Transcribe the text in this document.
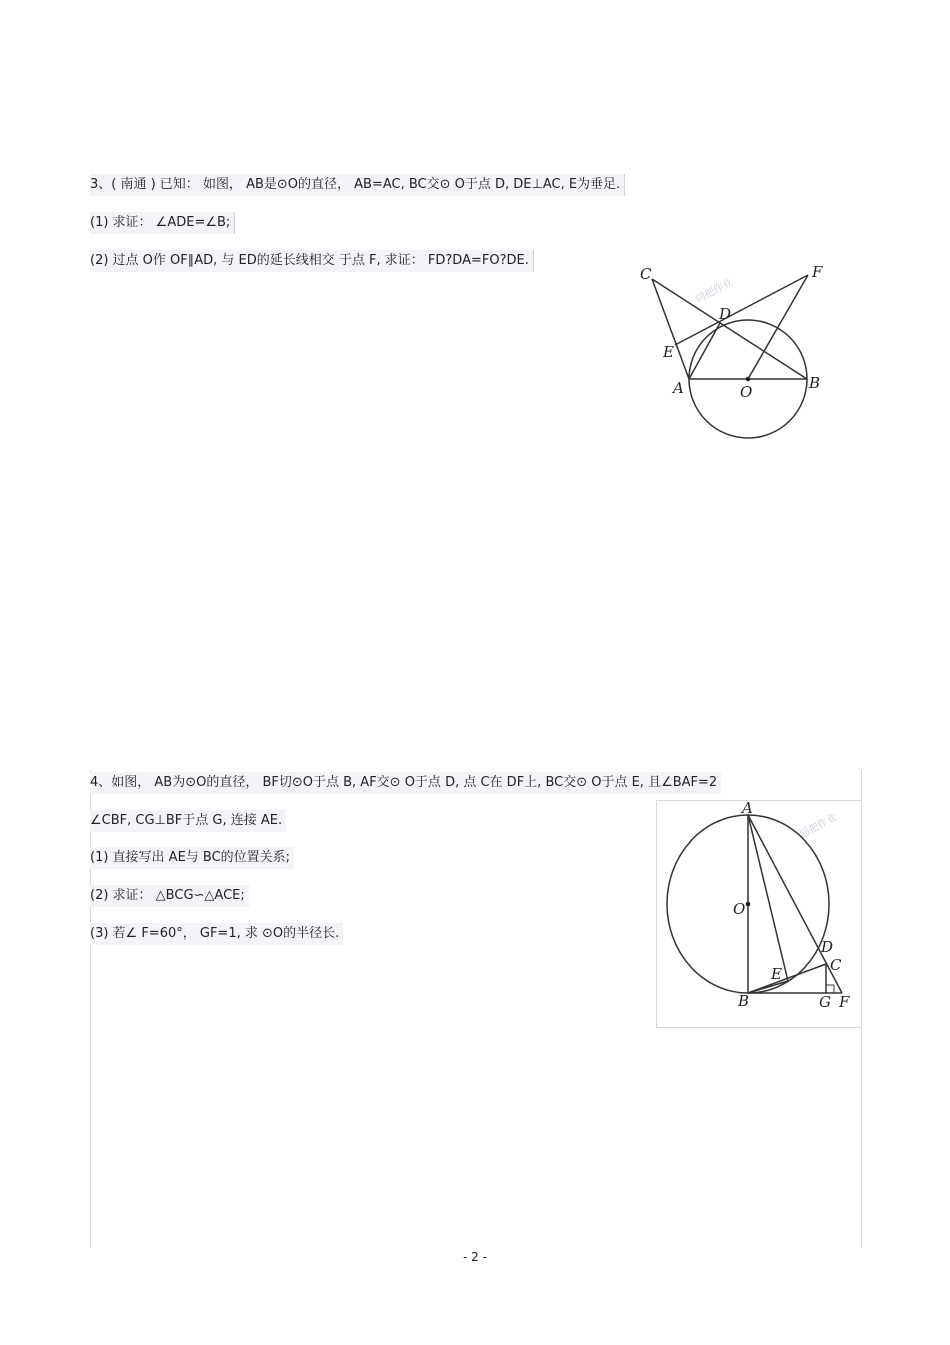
3、( 南通 ) 已知： 如图， AB是⊙O的直径， AB=AC, BC交⊙ O于点 D, DE⊥AC, E为垂足.
(1) 求证： ∠ADE=∠B;
(2) 过点 O作 OF∥AD, 与 ED的延长线相交 于点 F, 求证： FD?DA=FO?DE.
C	F
D
E
A	O	B
同把作业
4、如图， AB为⊙O的直径， BF切⊙O于点 B, AF交⊙ O于点 D, 点 C在 DF上, BC交⊙ O于点 E, 且∠BAF=2
∠CBF, CG⊥BF于点 G, 连接 AE.
(1) 直接写出 AE与 BC的位置关系;
(2) 求证： △BCG∽△ACE;
(3) 若∠ F=60°， GF=1, 求 ⊙O的半径长.
A
O
D
C
E
B	G F
同把作业
- 2 -
